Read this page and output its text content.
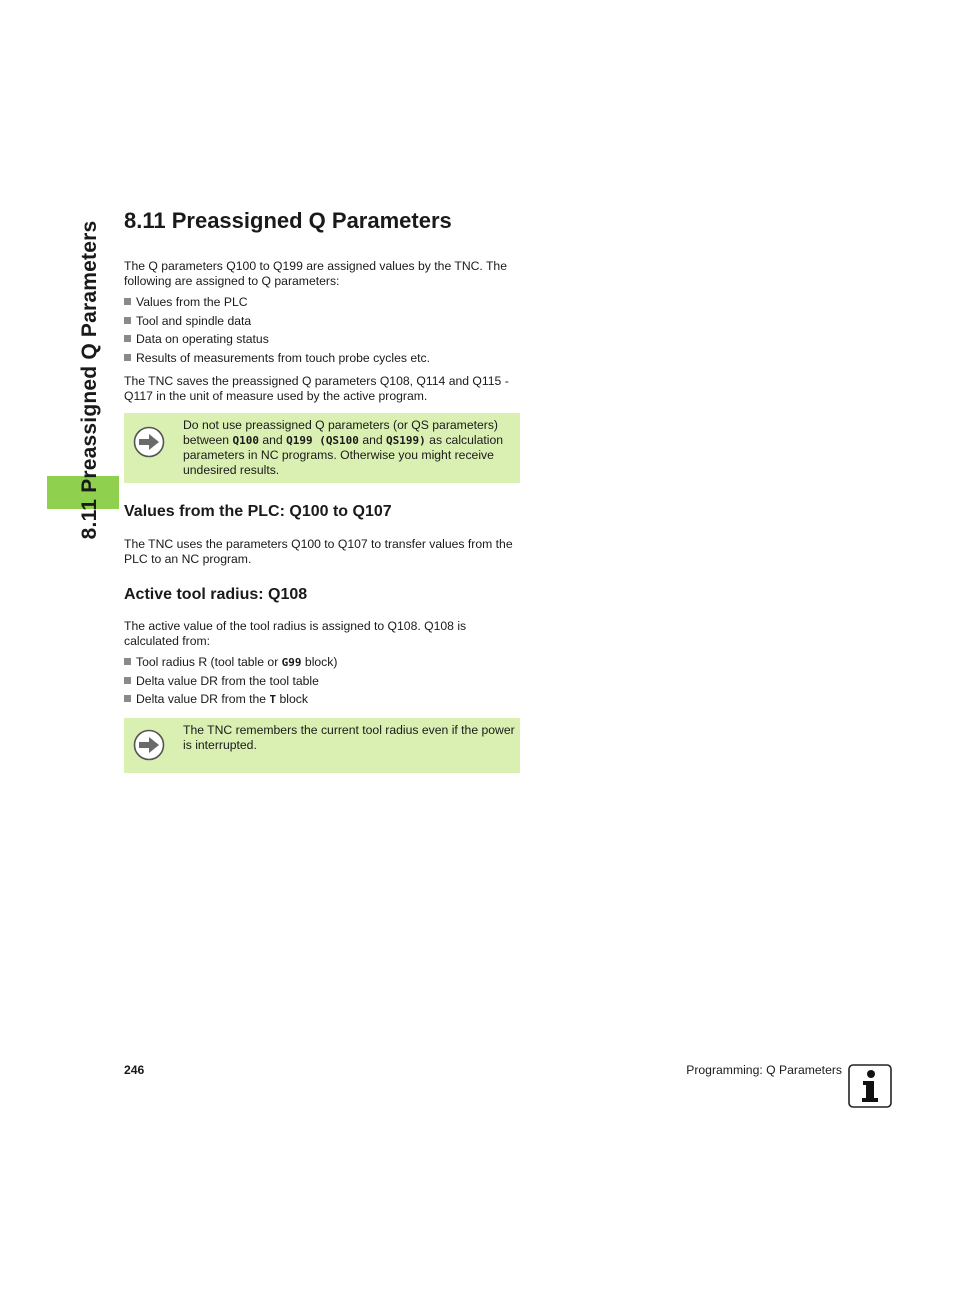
8.11 Preassigned Q Parameters
8.11 Preassigned Q Parameters

The Q parameters Q100 to Q199 are assigned values by the TNC. The following are assigned to Q parameters:

Values from the PLC
Tool and spindle data
Data on operating status
Results of measurements from touch probe cycles etc.

The TNC saves the preassigned Q parameters Q108, Q114 and Q115 - Q117 in the unit of measure used by the active program.

Do not use preassigned Q parameters (or QS parameters) between Q100 and Q199 (QS100 and QS199) as calculation parameters in NC programs. Otherwise you might receive undesired results.
Values from the PLC: Q100 to Q107

The TNC uses the parameters Q100 to Q107 to transfer values from the PLC to an NC program.

Active tool radius: Q108

The active value of the tool radius is assigned to Q108. Q108 is calculated from:

Tool radius R (tool table or G99 block)
Delta value DR from the tool table
Delta value DR from the T block
The TNC remembers the current tool radius even if the power is interrupted.
246	Programming: Q Parameters
